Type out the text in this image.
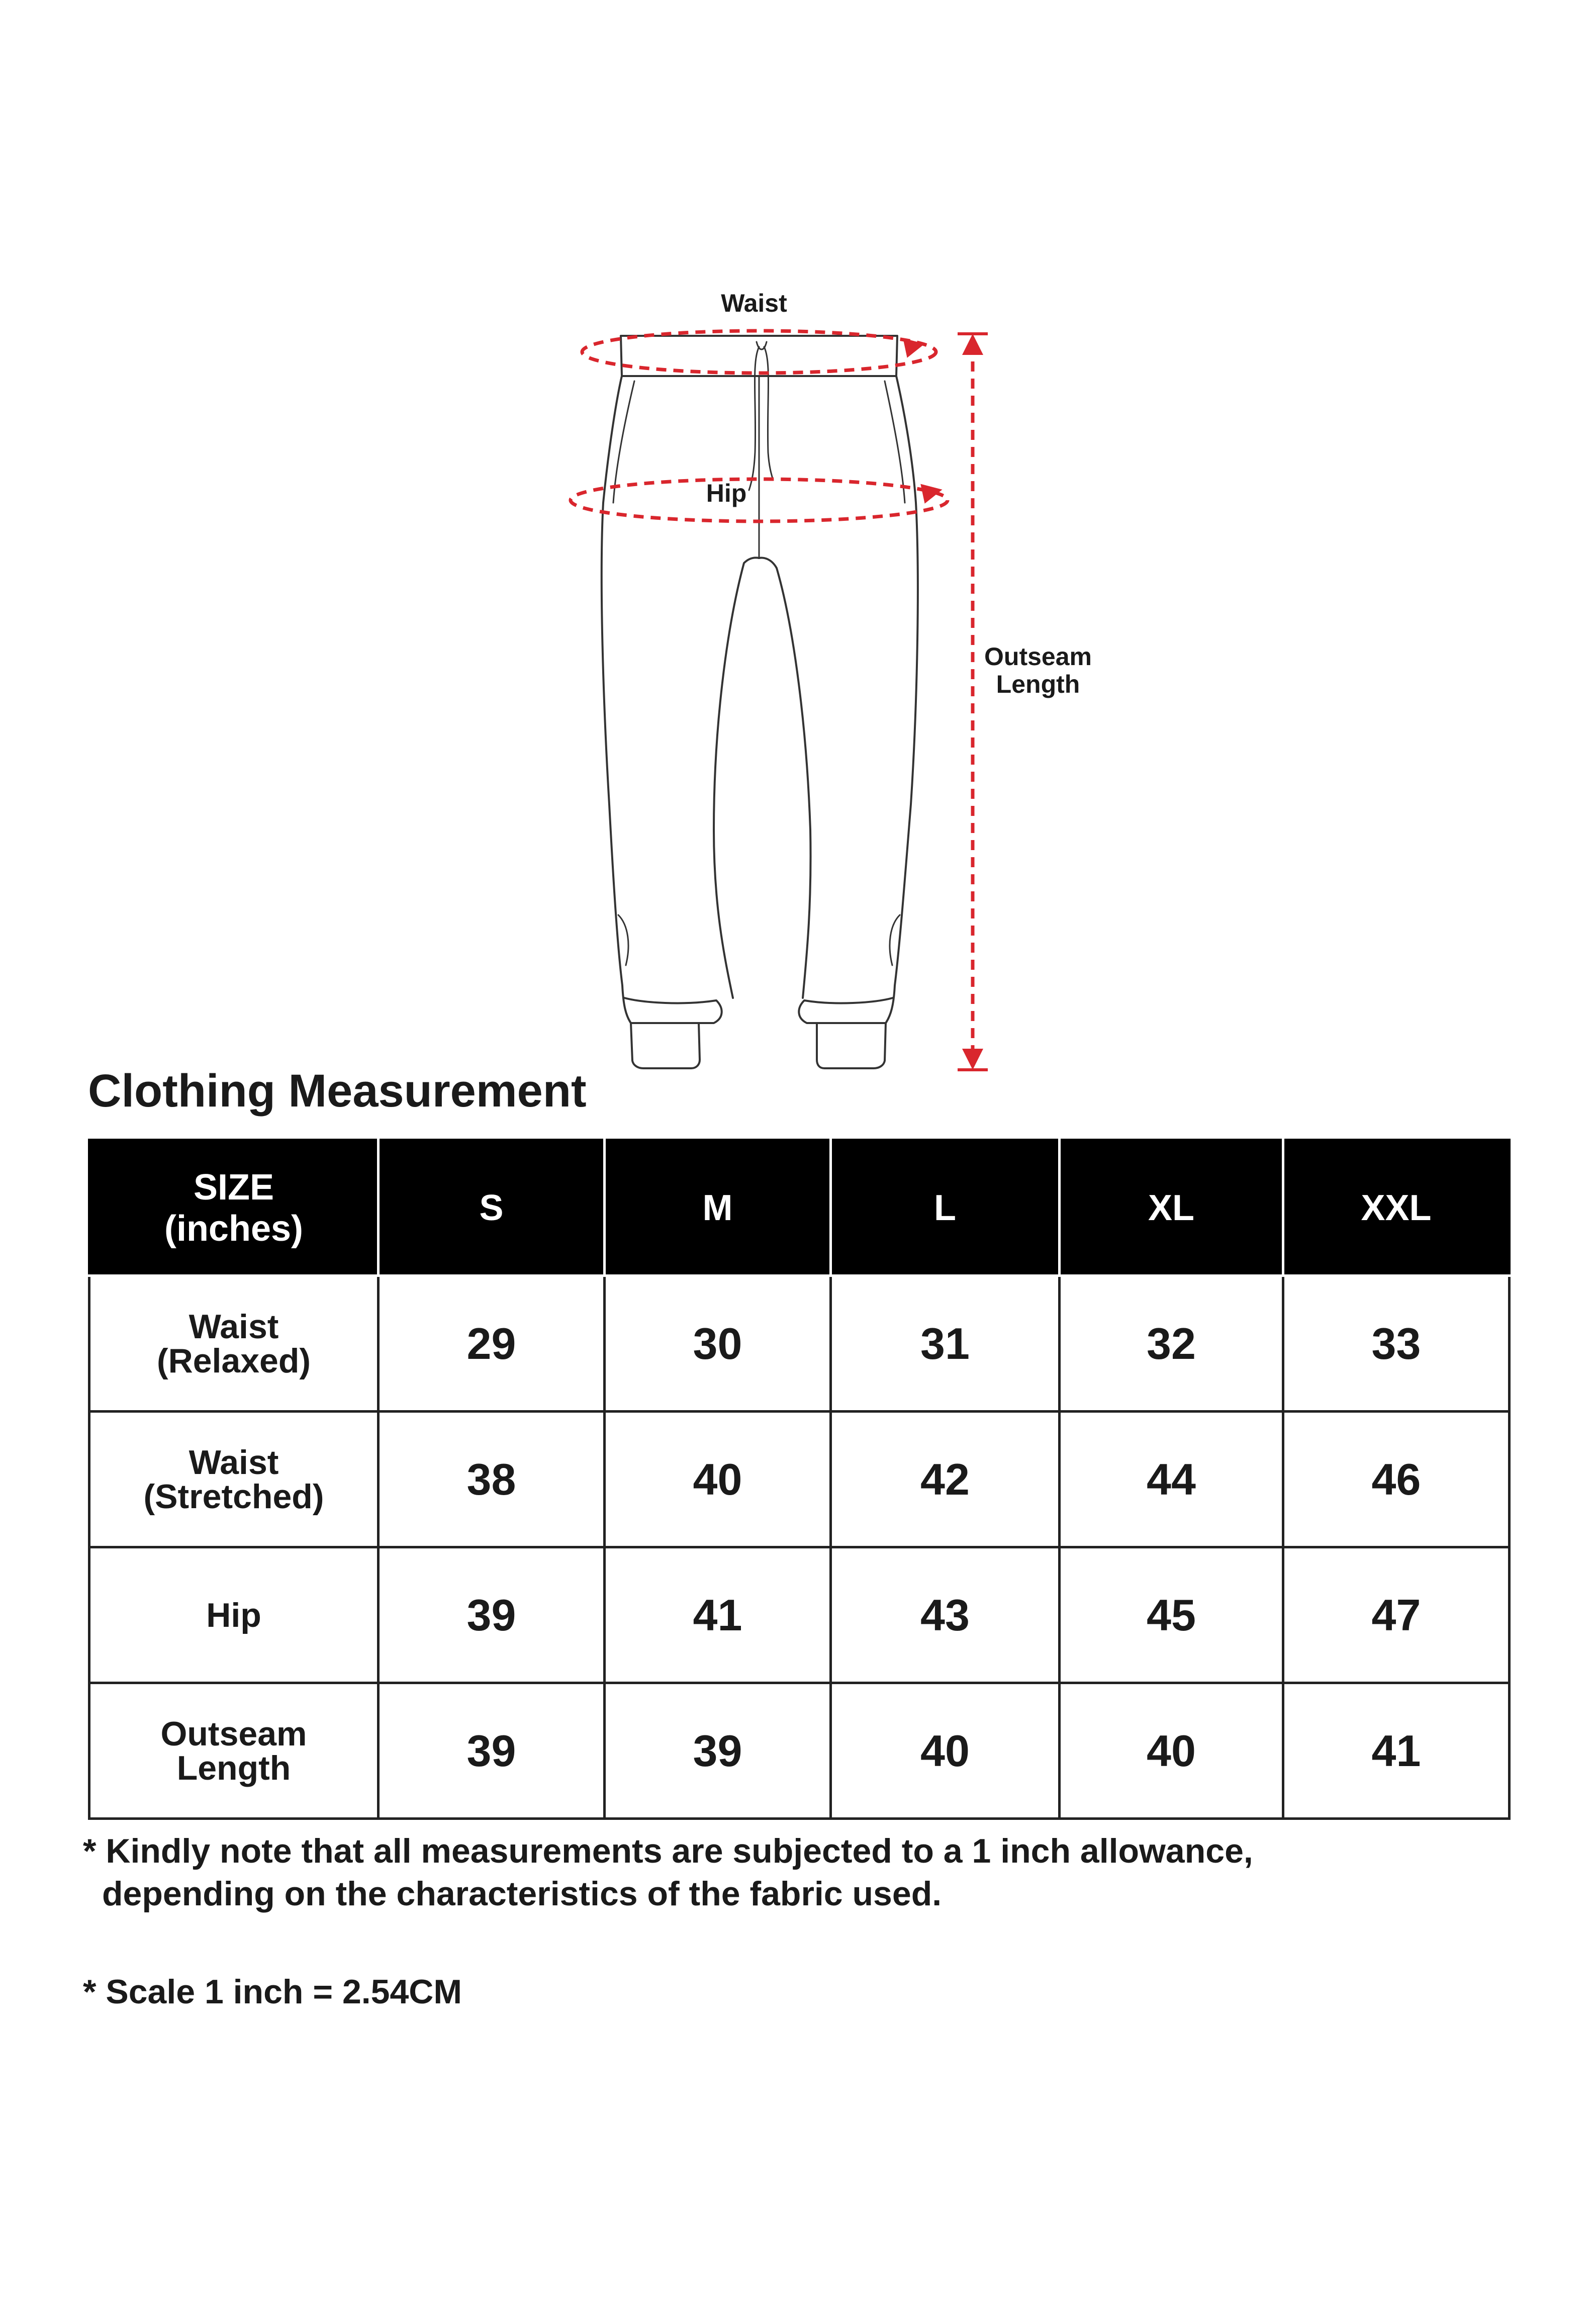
Waist
Hip
Outseam
Length
Clothing Measurement
SIZE
(inches)	S	M	L	XL	XXL

Waist
(Relaxed)	29	30	31	32	33

Waist
(Stretched)	38	40	42	44	46

Hip	39	41	43	45	47

Outseam
Length	39	39	40	40	41

* Kindly note that all measurements are subjected to a 1 inch allowance,
depending on the characteristics of the fabric used.

* Scale 1 inch = 2.54CM
